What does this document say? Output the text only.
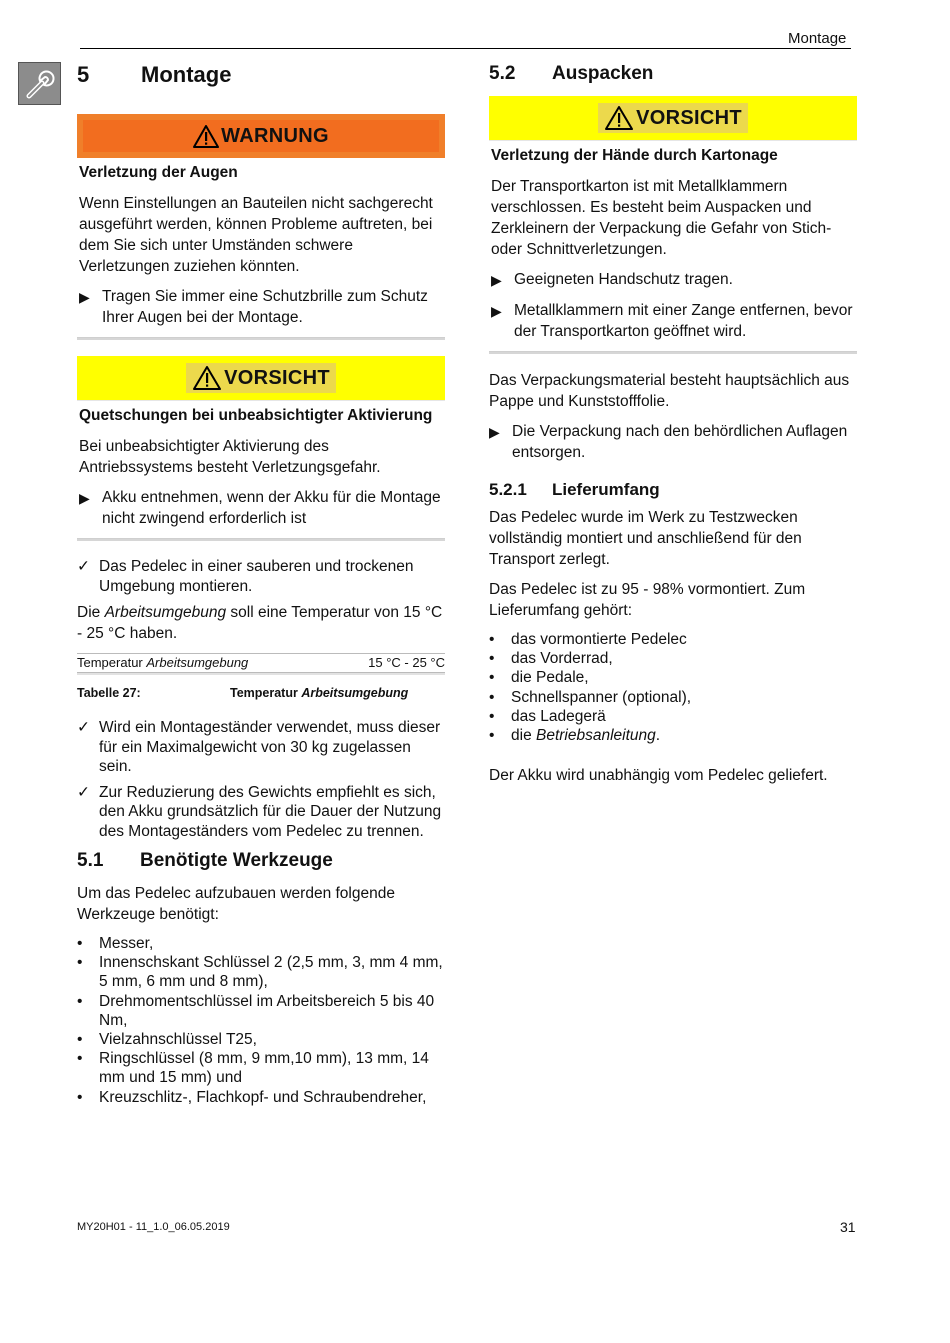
Montage
5 Montage
WARNUNG
Verletzung der Augen

Wenn Einstellungen an Bauteilen nicht sachgerecht ausgeführt werden, können Probleme auftreten, bei dem Sie sich unter Umständen schwere Verletzungen zuziehen könnten.

▶ Tragen Sie immer eine Schutzbrille zum Schutz Ihrer Augen bei der Montage.
VORSICHT
Quetschungen bei unbeabsichtigter Aktivierung

Bei unbeabsichtigter Aktivierung des Antriebssystems besteht Verletzungsgefahr.

▶ Akku entnehmen, wenn der Akku für die Montage nicht zwingend erforderlich ist
✓ Das Pedelec in einer sauberen und trockenen Umgebung montieren.

Die Arbeitsumgebung soll eine Temperatur von 15 °C - 25 °C haben.

Temperatur Arbeitsumgebung	15 °C - 25 °C
Tabelle 27:	Temperatur Arbeitsumgebung
✓ Wird ein Montageständer verwendet, muss dieser für ein Maximalgewicht von 30 kg zugelassen sein.
✓ Zur Reduzierung des Gewichts empfiehlt es sich, den Akku grundsätzlich für die Dauer der Nutzung des Montageständers vom Pedelec zu trennen.
5.1	Benötigte Werkzeuge

Um das Pedelec aufzubauen werden folgende Werkzeuge benötigt:

•	Messer,
•	Innenschskant Schlüssel 2 (2,5 mm, 3, mm 4 mm, 5 mm, 6 mm und 8 mm),
•	Drehmomentschlüssel im Arbeitsbereich 5 bis 40 Nm,
•	Vielzahnschlüssel T25,
•	Ringschlüssel (8 mm, 9 mm,10 mm), 13 mm, 14 mm und 15 mm) und
•	Kreuzschlitz-, Flachkopf- und Schraubendreher,
5.2	Auspacken
VORSICHT
Verletzung der Hände durch Kartonage

Der Transportkarton ist mit Metallklammern verschlossen. Es besteht beim Auspacken und Zerkleinern der Verpackung die Gefahr von Stich- oder Schnittverletzungen.

▶ Geeigneten Handschutz tragen.
▶ Metallklammern mit einer Zange entfernen, bevor der Transportkarton geöffnet wird.

Das Verpackungsmaterial besteht hauptsächlich aus Pappe und Kunststofffolie.

▶ Die Verpackung nach den behördlichen Auflagen entsorgen.
5.2.1	Lieferumfang

Das Pedelec wurde im Werk zu Testzwecken vollständig montiert und anschließend für den Transport zerlegt.

Das Pedelec ist zu 95 - 98% vormontiert. Zum Lieferumfang gehört:

•	das vormontierte Pedelec
•	das Vorderrad,
•	die Pedale,
•	Schnellspanner (optional),
•	das Ladegerä
•	die Betriebsanleitung.

Der Akku wird unabhängig vom Pedelec geliefert.

MY20H01 - 11_1.0_06.05.2019	31
